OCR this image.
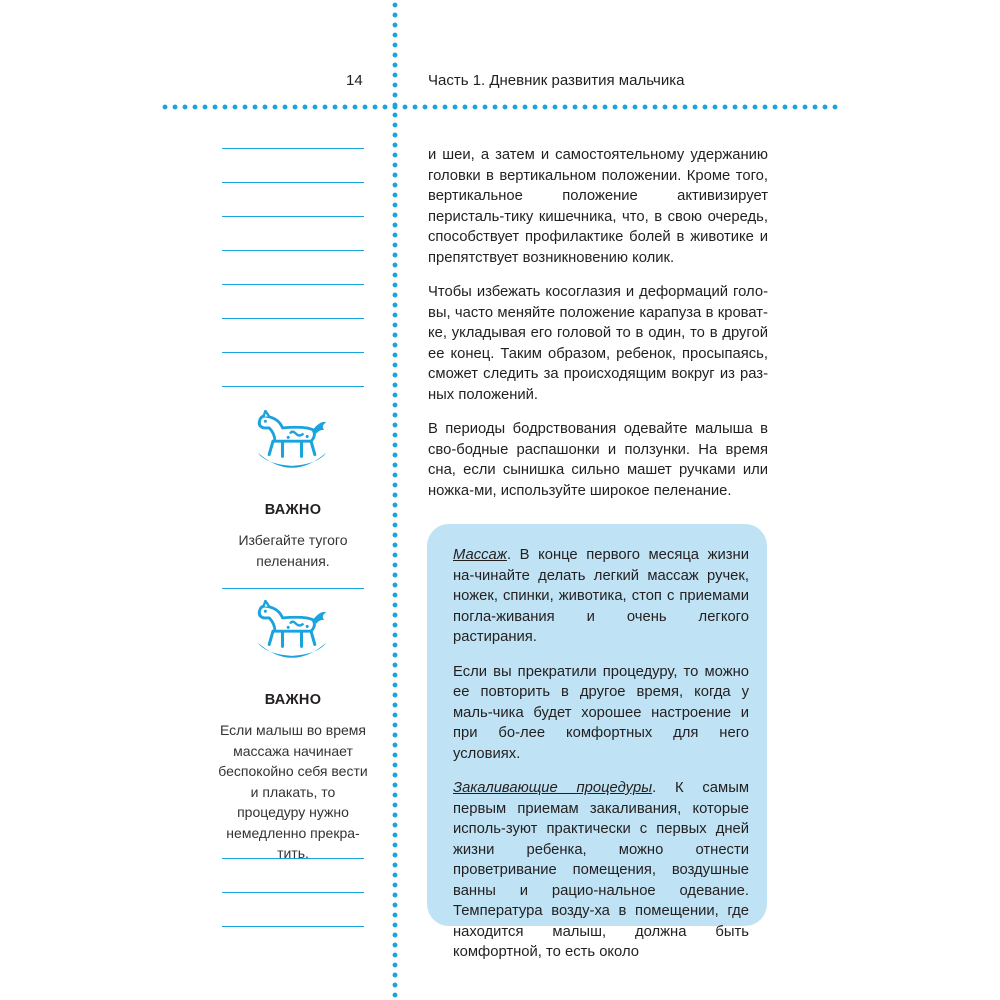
14	Часть 1. Дневник развития мальчика
ВАЖНО
Избегайте тугого пеленания.
ВАЖНО
Если малыш во время массажа начинает беспокойно себя вести и плакать, то процедуру нужно немедленно прекра-тить.

и шеи, а затем и самостоятельному удержанию головки в вертикальном положении. Кроме того, вертикальное положение активизирует перисталь-тику кишечника, что, в свою очередь, способствует профилактике болей в животике и препятствует возникновению колик.

Чтобы избежать косоглазия и деформаций голо-вы, часто меняйте положение карапуза в кроват-ке, укладывая его головой то в один, то в другой ее конец. Таким образом, ребенок, просыпаясь, сможет следить за происходящим вокруг из раз-ных положений.

В периоды бодрствования одевайте малыша в сво-бодные распашонки и ползунки. На время сна, если сынишка сильно машет ручками или ножка-ми, используйте широкое пеленание.

Массаж. В конце первого месяца жизни на-чинайте делать легкий массаж ручек, ножек, спинки, животика, стоп с приемами погла-живания и очень легкого растирания.

Если вы прекратили процедуру, то можно ее повторить в другое время, когда у маль-чика будет хорошее настроение и при бо-лее комфортных для него условиях.

Закаливающие процедуры. К самым первым приемам закаливания, которые исполь-зуют практически с первых дней жизни ребенка, можно отнести проветривание помещения, воздушные ванны и рацио-нальное одевание. Температура возду-ха в помещении, где находится малыш, должна быть комфортной, то есть около
